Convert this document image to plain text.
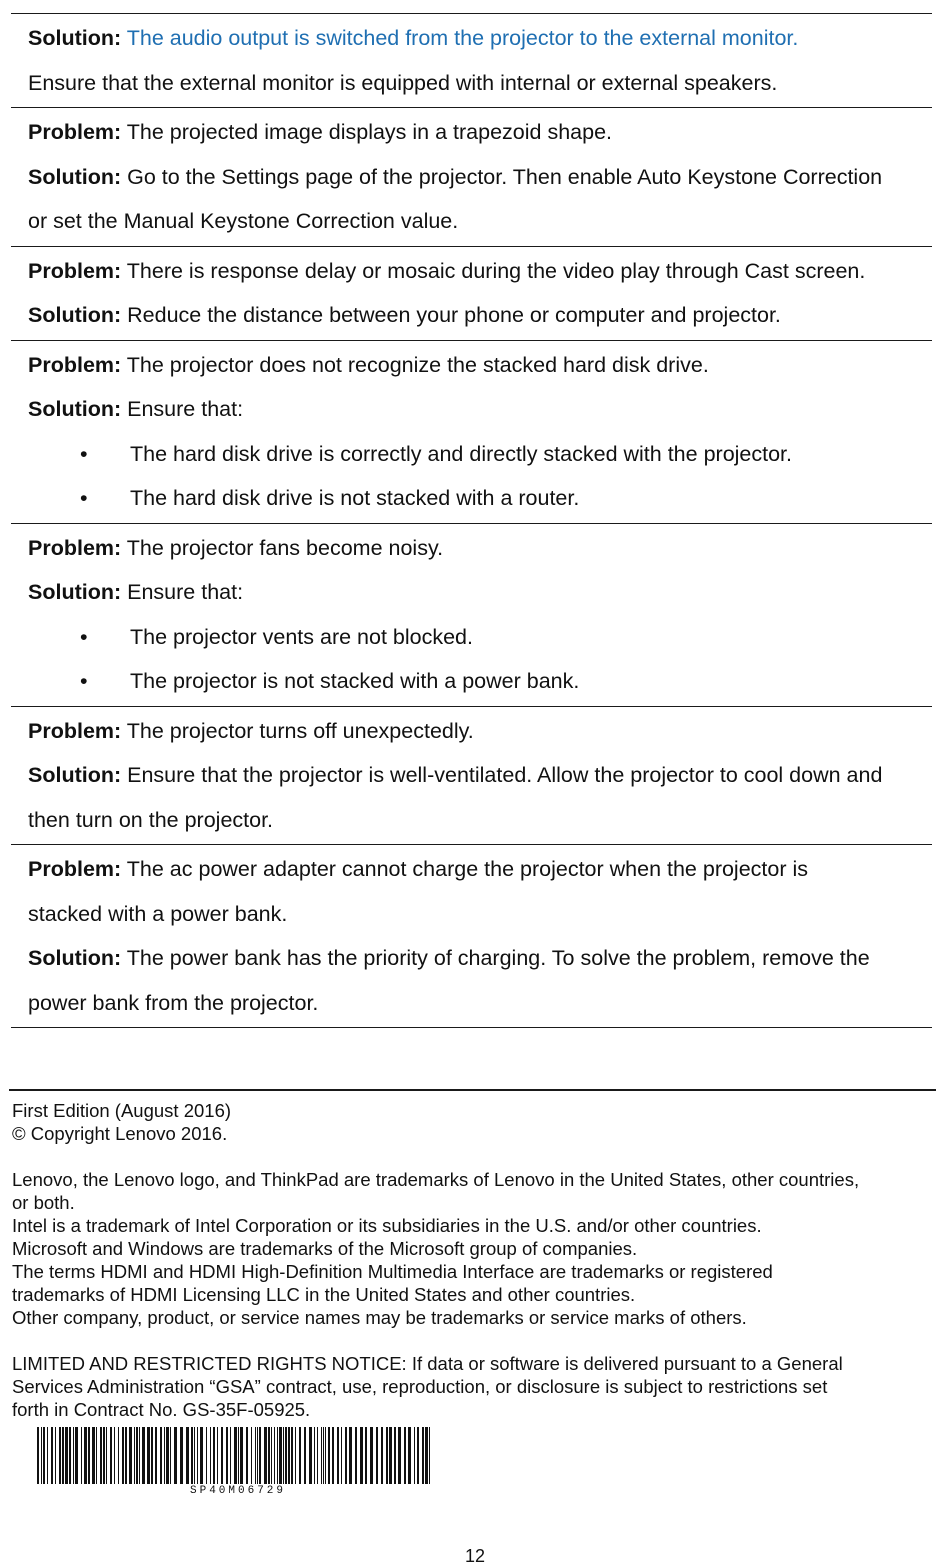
Solution: The audio output is switched from the projector to the external monitor.
Ensure that the external monitor is equipped with internal or external speakers.
Problem: The projected image displays in a trapezoid shape.
Solution: Go to the Settings page of the projector. Then enable Auto Keystone Correction
or set the Manual Keystone Correction value.
Problem: There is response delay or mosaic during the video play through Cast screen.
Solution: Reduce the distance between your phone or computer and projector.
Problem: The projector does not recognize the stacked hard disk drive.
Solution: Ensure that:
• The hard disk drive is correctly and directly stacked with the projector.
• The hard disk drive is not stacked with a router.
Problem: The projector fans become noisy.
Solution: Ensure that:
• The projector vents are not blocked.
• The projector is not stacked with a power bank.
Problem: The projector turns off unexpectedly.
Solution: Ensure that the projector is well-ventilated. Allow the projector to cool down and
then turn on the projector.
Problem: The ac power adapter cannot charge the projector when the projector is
stacked with a power bank.
Solution: The power bank has the priority of charging. To solve the problem, remove the
power bank from the projector.
First Edition (August 2016)
© Copyright Lenovo 2016.
Lenovo, the Lenovo logo, and ThinkPad are trademarks of Lenovo in the United States, other countries,
or both.
Intel is a trademark of Intel Corporation or its subsidiaries in the U.S. and/or other countries.
Microsoft and Windows are trademarks of the Microsoft group of companies.
The terms HDMI and HDMI High-Definition Multimedia Interface are trademarks or registered
trademarks of HDMI Licensing LLC in the United States and other countries.
Other company, product, or service names may be trademarks or service marks of others.
LIMITED AND RESTRICTED RIGHTS NOTICE: If data or software is delivered pursuant to a General
Services Administration “GSA” contract, use, reproduction, or disclosure is subject to restrictions set
forth in Contract No. GS-35F-05925.
SP40M06729
12
